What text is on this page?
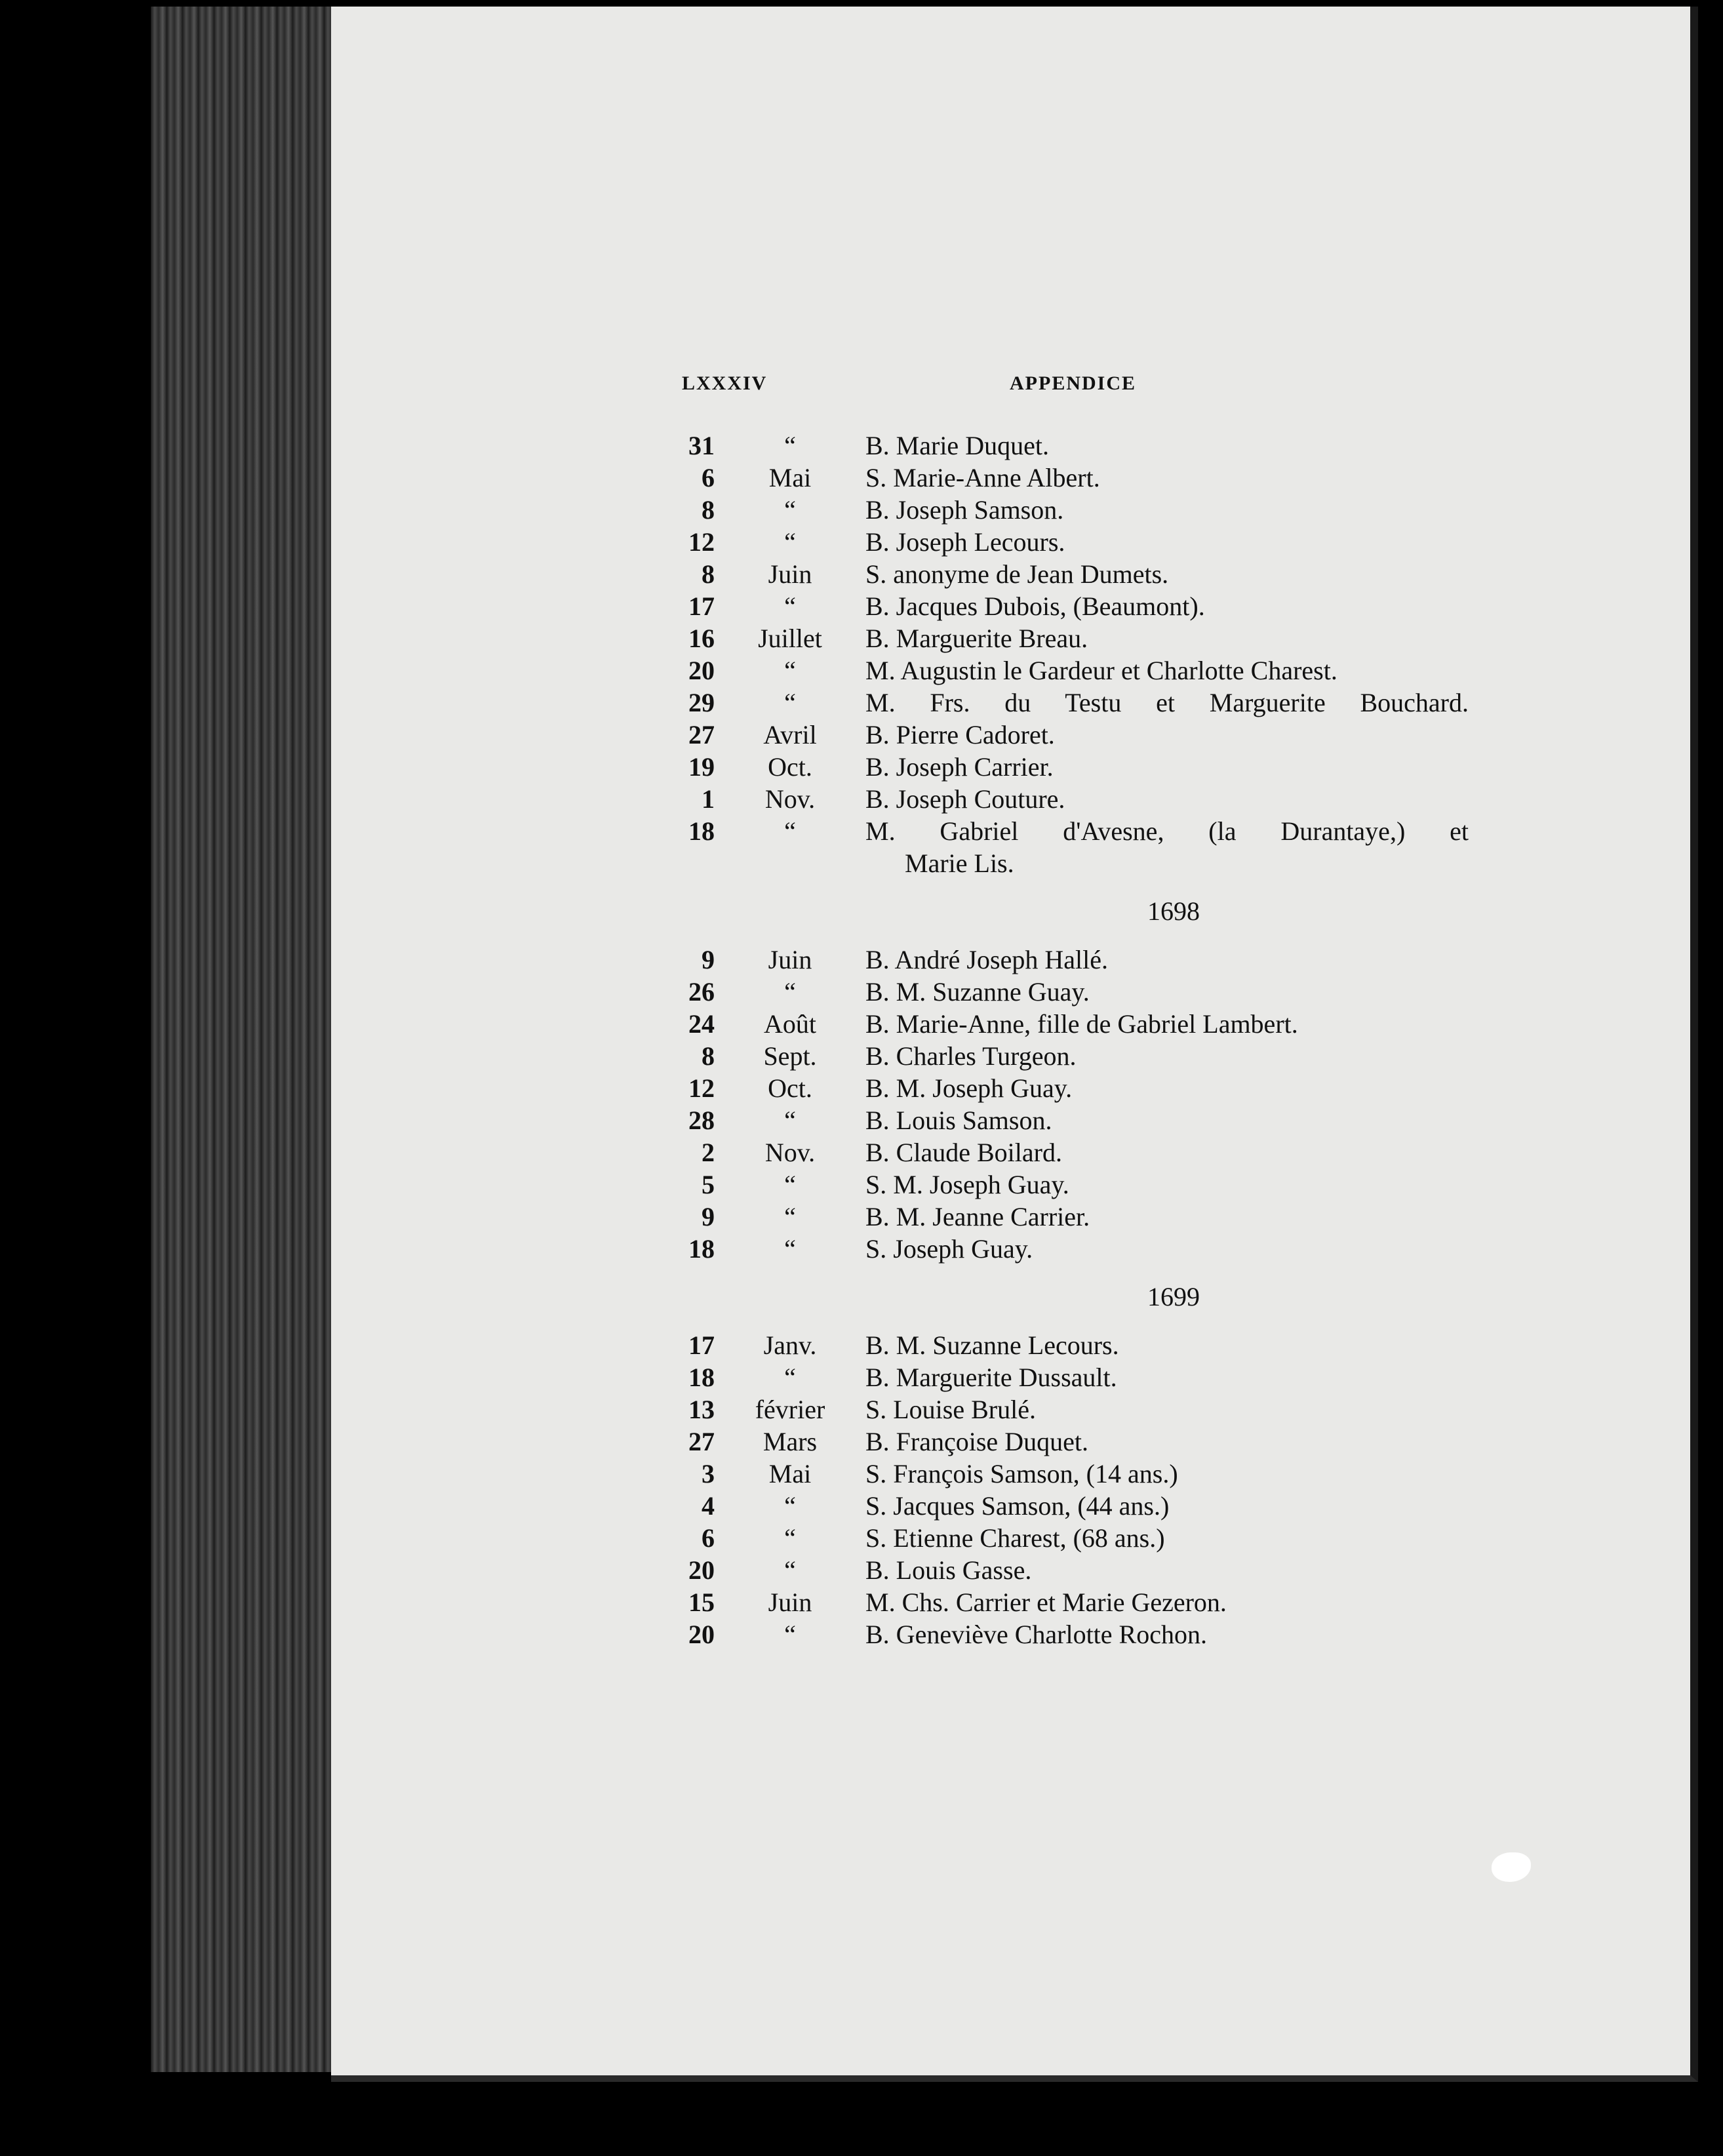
LXXXIV	APPENDICE
31	“	B. Marie Duquet.
6	Mai	S. Marie-Anne Albert.
8	“	B. Joseph Samson.
12	“	B. Joseph Lecours.
8	Juin	S. anonyme de Jean Dumets.
17	“	B. Jacques Dubois, (Beaumont).
16	Juillet	B. Marguerite Breau.
20	“	M. Augustin le Gardeur et Charlotte Charest.
29	“	M. Frs. du Testu et Marguerite Bouchard.
27	Avril	B. Pierre Cadoret.
19	Oct.	B. Joseph Carrier.
1	Nov.	B. Joseph Couture.
18	“	M. Gabriel d'Avesne, (la Durantaye,) et
Marie Lis.
1698
9	Juin	B. André Joseph Hallé.
26	“	B. M. Suzanne Guay.
24	Août	B. Marie-Anne, fille de Gabriel Lambert.
8	Sept.	B. Charles Turgeon.
12	Oct.	B. M. Joseph Guay.
28	“	B. Louis Samson.
2	Nov.	B. Claude Boilard.
5	“	S. M. Joseph Guay.
9	“	B. M. Jeanne Carrier.
18	“	S. Joseph Guay.
1699
17	Janv.	B. M. Suzanne Lecours.
18	“	B. Marguerite Dussault.
13	février	S. Louise Brulé.
27	Mars	B. Françoise Duquet.
3	Mai	S. François Samson, (14 ans.)
4	“	S. Jacques Samson, (44 ans.)
6	“	S. Etienne Charest, (68 ans.)
20	“	B. Louis Gasse.
15	Juin	M. Chs. Carrier et Marie Gezeron.
20	“	B. Geneviève Charlotte Rochon.
